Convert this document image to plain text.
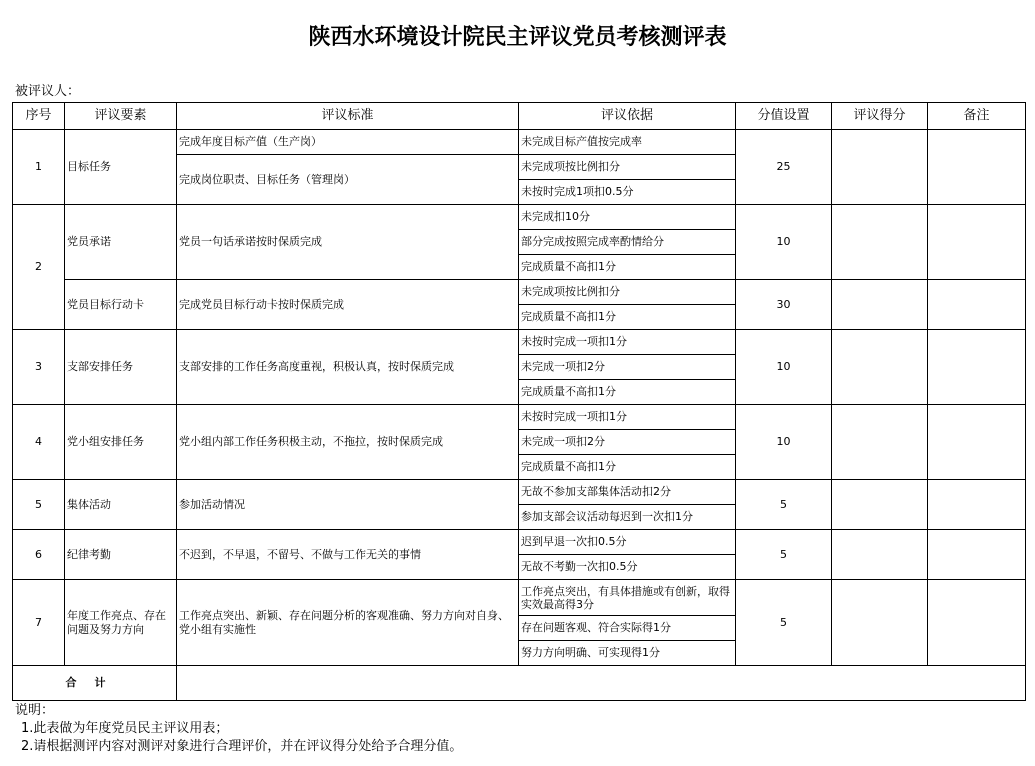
陕西水环境设计院民主评议党员考核测评表
被评议人：
序号	评议要素	评议标准	评议依据	分值设置	评议得分	备注
1	目标任务	完成年度目标产值（生产岗）	未完成目标产值按完成率	25		
		完成岗位职责、目标任务（管理岗）	未完成项按比例扣分			
			未按时完成1项扣0.5分			
2	党员承诺	党员一句话承诺按时保质完成	未完成扣10分	10		
			部分完成按照完成率酌情给分			
			完成质量不高扣1分			
	党员目标行动卡	完成党员目标行动卡按时保质完成	未完成项按比例扣分	30		
			完成质量不高扣1分			
3	支部安排任务	支部安排的工作任务高度重视，积极认真，按时保质完成	未按时完成一项扣1分	10		
			未完成一项扣2分			
			完成质量不高扣1分			
4	党小组安排任务	党小组内部工作任务积极主动，不拖拉，按时保质完成	未按时完成一项扣1分	10		
			未完成一项扣2分			
			完成质量不高扣1分			
5	集体活动	参加活动情况	无故不参加支部集体活动扣2分	5		
			参加支部会议活动每迟到一次扣1分			
6	纪律考勤	不迟到，不早退，不留号、不做与工作无关的事情	迟到早退一次扣0.5分	5		
			无故不考勤一次扣0.5分			
7	年度工作亮点、存在问题及努力方向	工作亮点突出、新颖、存在问题分析的客观准确、努力方向对自身、党小组有实施性	工作亮点突出，有具体措施或有创新，取得实效最高得3分	5		
			存在问题客观、符合实际得1分			
			努力方向明确、可实现得1分			
合计						
说明：
1.此表做为年度党员民主评议用表；
2.请根据测评内容对测评对象进行合理评价，并在评议得分处给予合理分值。
